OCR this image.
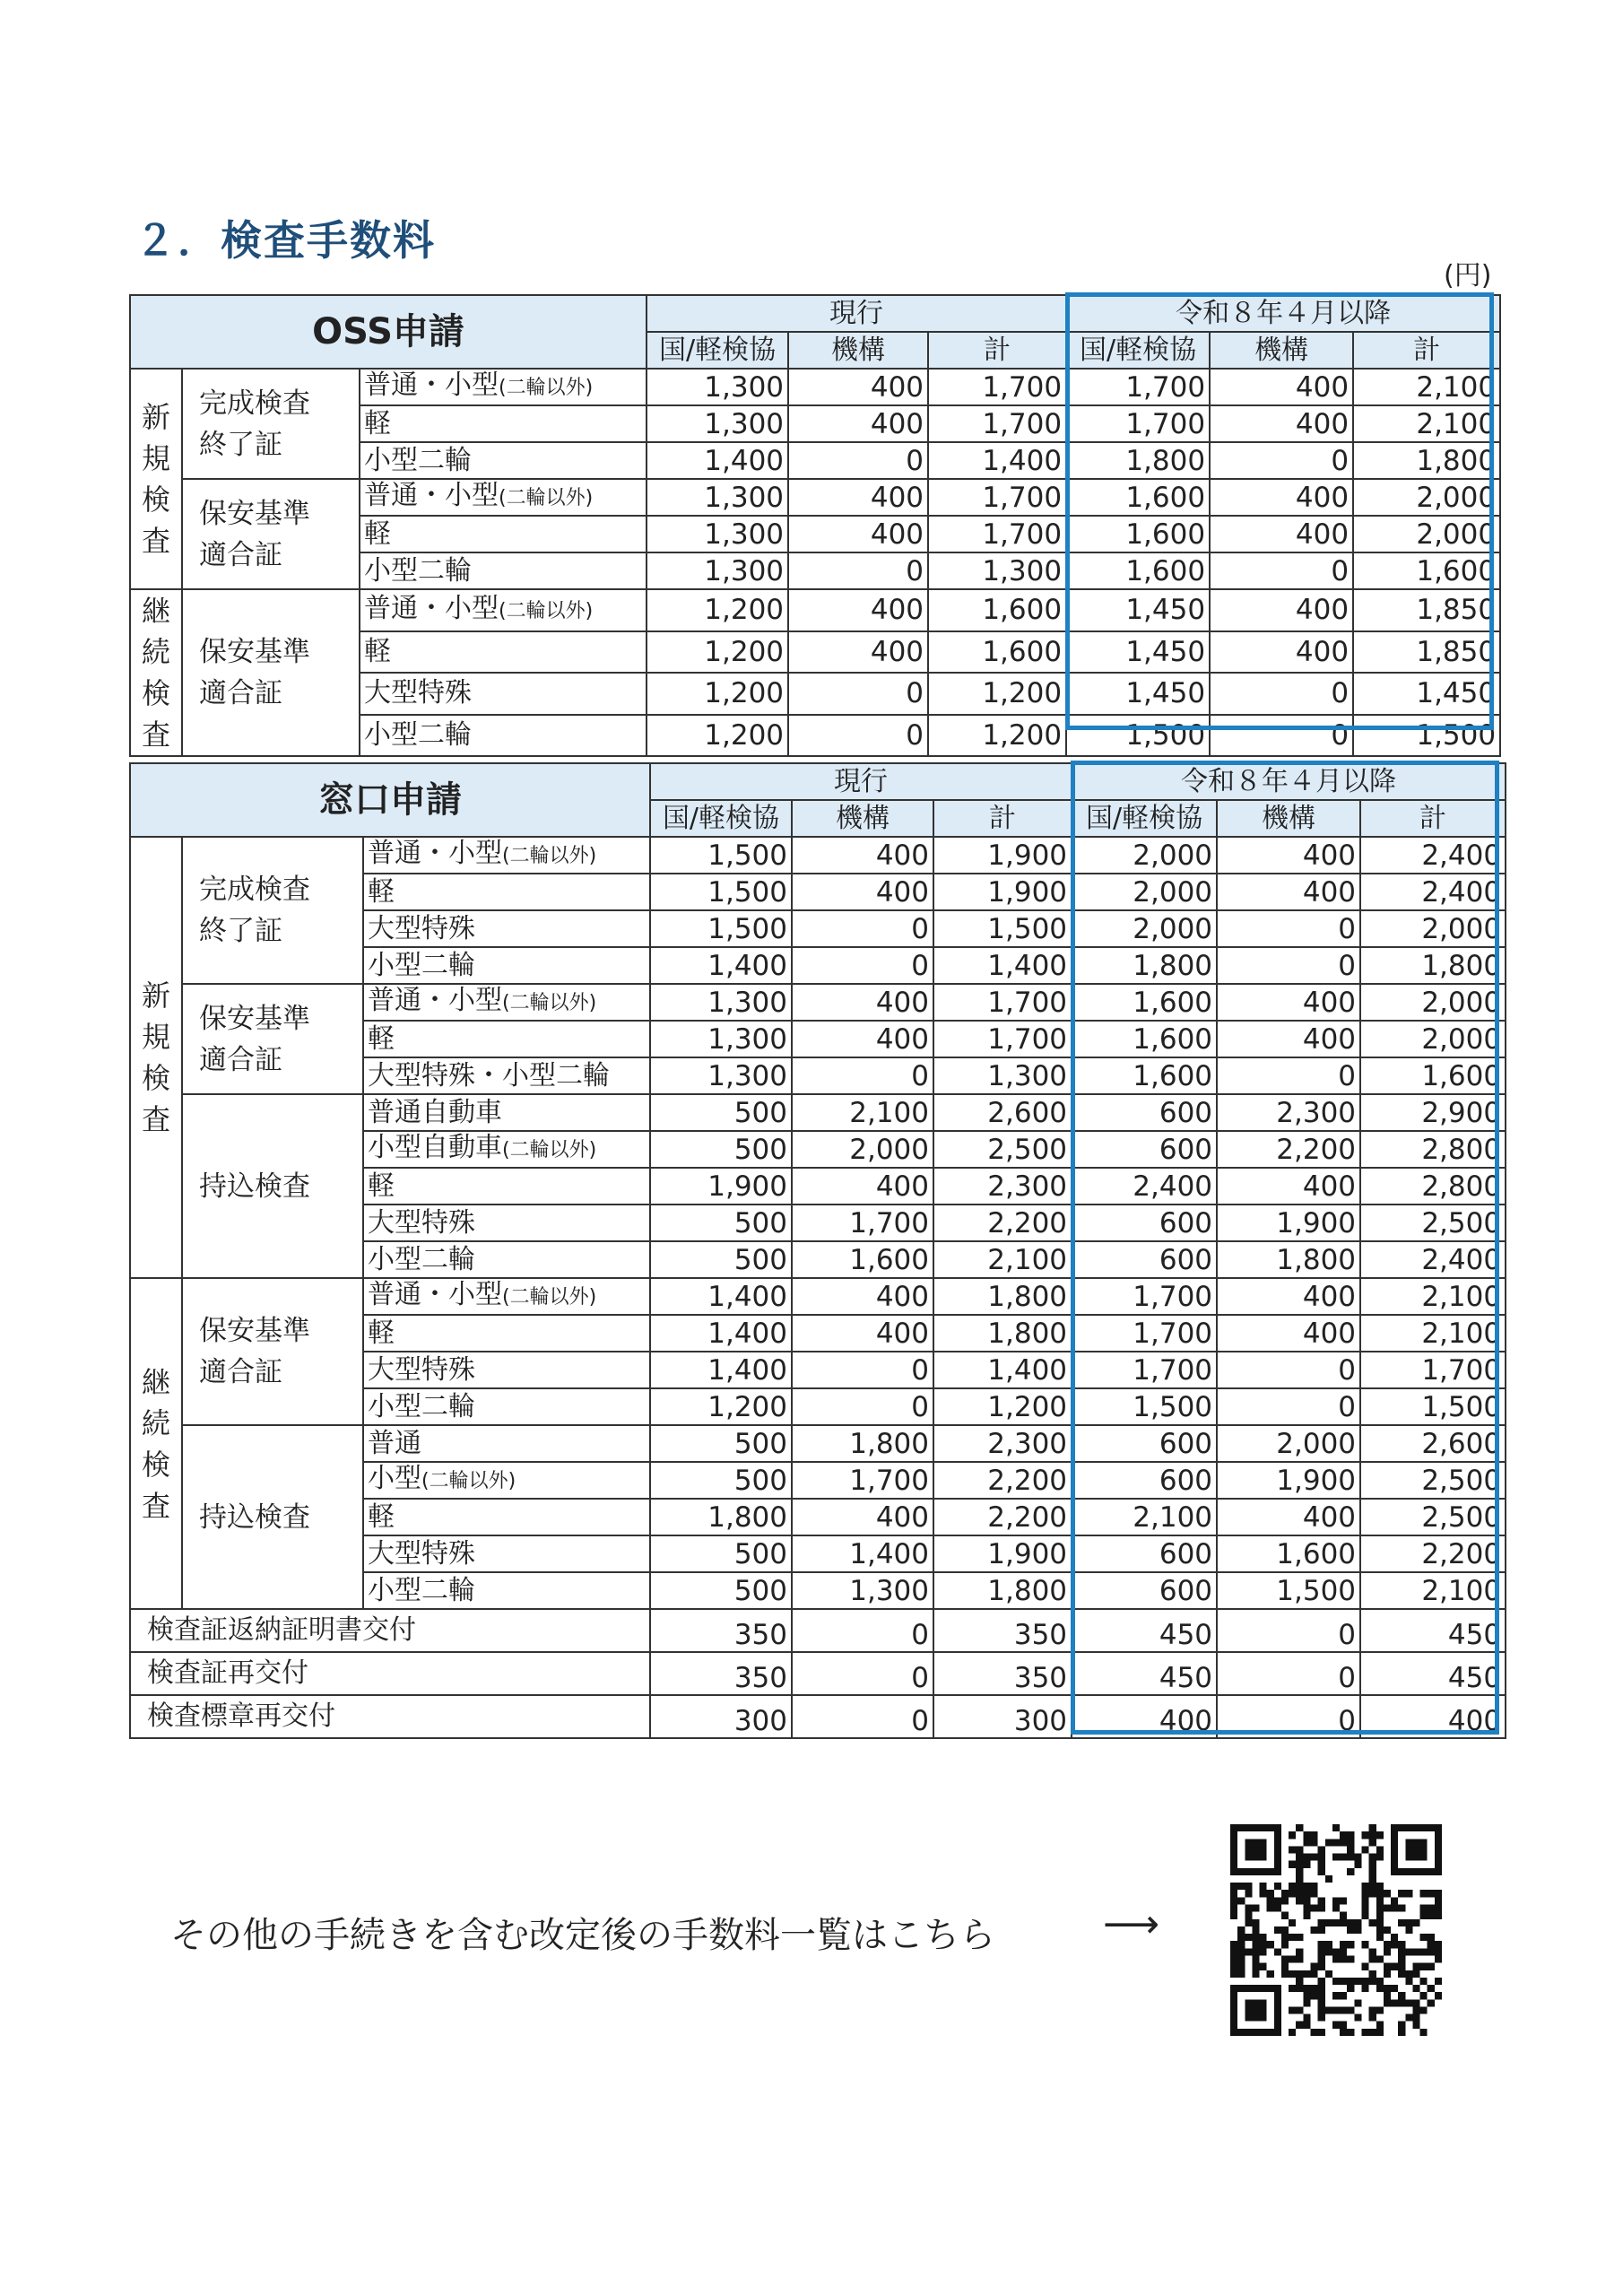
２．検査手数料
(円)
OSS申請			現行			令和８年４月以降		
			国/軽検協	機構	計	国/軽検協	機構	計
新規検査	完成検査終了証	普通・小型(二輪以外)	1,300	400	1,700	1,700	400	2,100
		軽	1,300	400	1,700	1,700	400	2,100
		小型二輪	1,400	0	1,400	1,800	0	1,800
	保安基準適合証	普通・小型(二輪以外)	1,300	400	1,700	1,600	400	2,000
		軽	1,300	400	1,700	1,600	400	2,000
		小型二輪	1,300	0	1,300	1,600	0	1,600
継続検査	保安基準適合証	普通・小型(二輪以外)	1,200	400	1,600	1,450	400	1,850
		軽	1,200	400	1,600	1,450	400	1,850
		大型特殊	1,200	0	1,200	1,450	0	1,450
		小型二輪	1,200	0	1,200	1,500	0	1,500
窓口申請			現行			令和８年４月以降		
			国/軽検協	機構	計	国/軽検協	機構	計
新規検査	完成検査終了証	普通・小型(二輪以外)	1,500	400	1,900	2,000	400	2,400
		軽	1,500	400	1,900	2,000	400	2,400
		大型特殊	1,500	0	1,500	2,000	0	2,000
		小型二輪	1,400	0	1,400	1,800	0	1,800
	保安基準適合証	普通・小型(二輪以外)	1,300	400	1,700	1,600	400	2,000
		軽	1,300	400	1,700	1,600	400	2,000
		大型特殊・小型二輪	1,300	0	1,300	1,600	0	1,600
	持込検査	普通自動車	500	2,100	2,600	600	2,300	2,900
		小型自動車(二輪以外)	500	2,000	2,500	600	2,200	2,800
		軽	1,900	400	2,300	2,400	400	2,800
		大型特殊	500	1,700	2,200	600	1,900	2,500
		小型二輪	500	1,600	2,100	600	1,800	2,400
継続検査	保安基準適合証	普通・小型(二輪以外)	1,400	400	1,800	1,700	400	2,100
		軽	1,400	400	1,800	1,700	400	2,100
		大型特殊	1,400	0	1,400	1,700	0	1,700
		小型二輪	1,200	0	1,200	1,500	0	1,500
	持込検査	普通	500	1,800	2,300	600	2,000	2,600
		小型(二輪以外)	500	1,700	2,200	600	1,900	2,500
		軽	1,800	400	2,200	2,100	400	2,500
		大型特殊	500	1,400	1,900	600	1,600	2,200
		小型二輪	500	1,300	1,800	600	1,500	2,100
検査証返納証明書交付			350	0	350	450	0	450
検査証再交付			350	0	350	450	0	450
検査標章再交付			300	0	300	400	0	400
その他の手続きを含む改定後の手数料一覧はこちら	⟶
